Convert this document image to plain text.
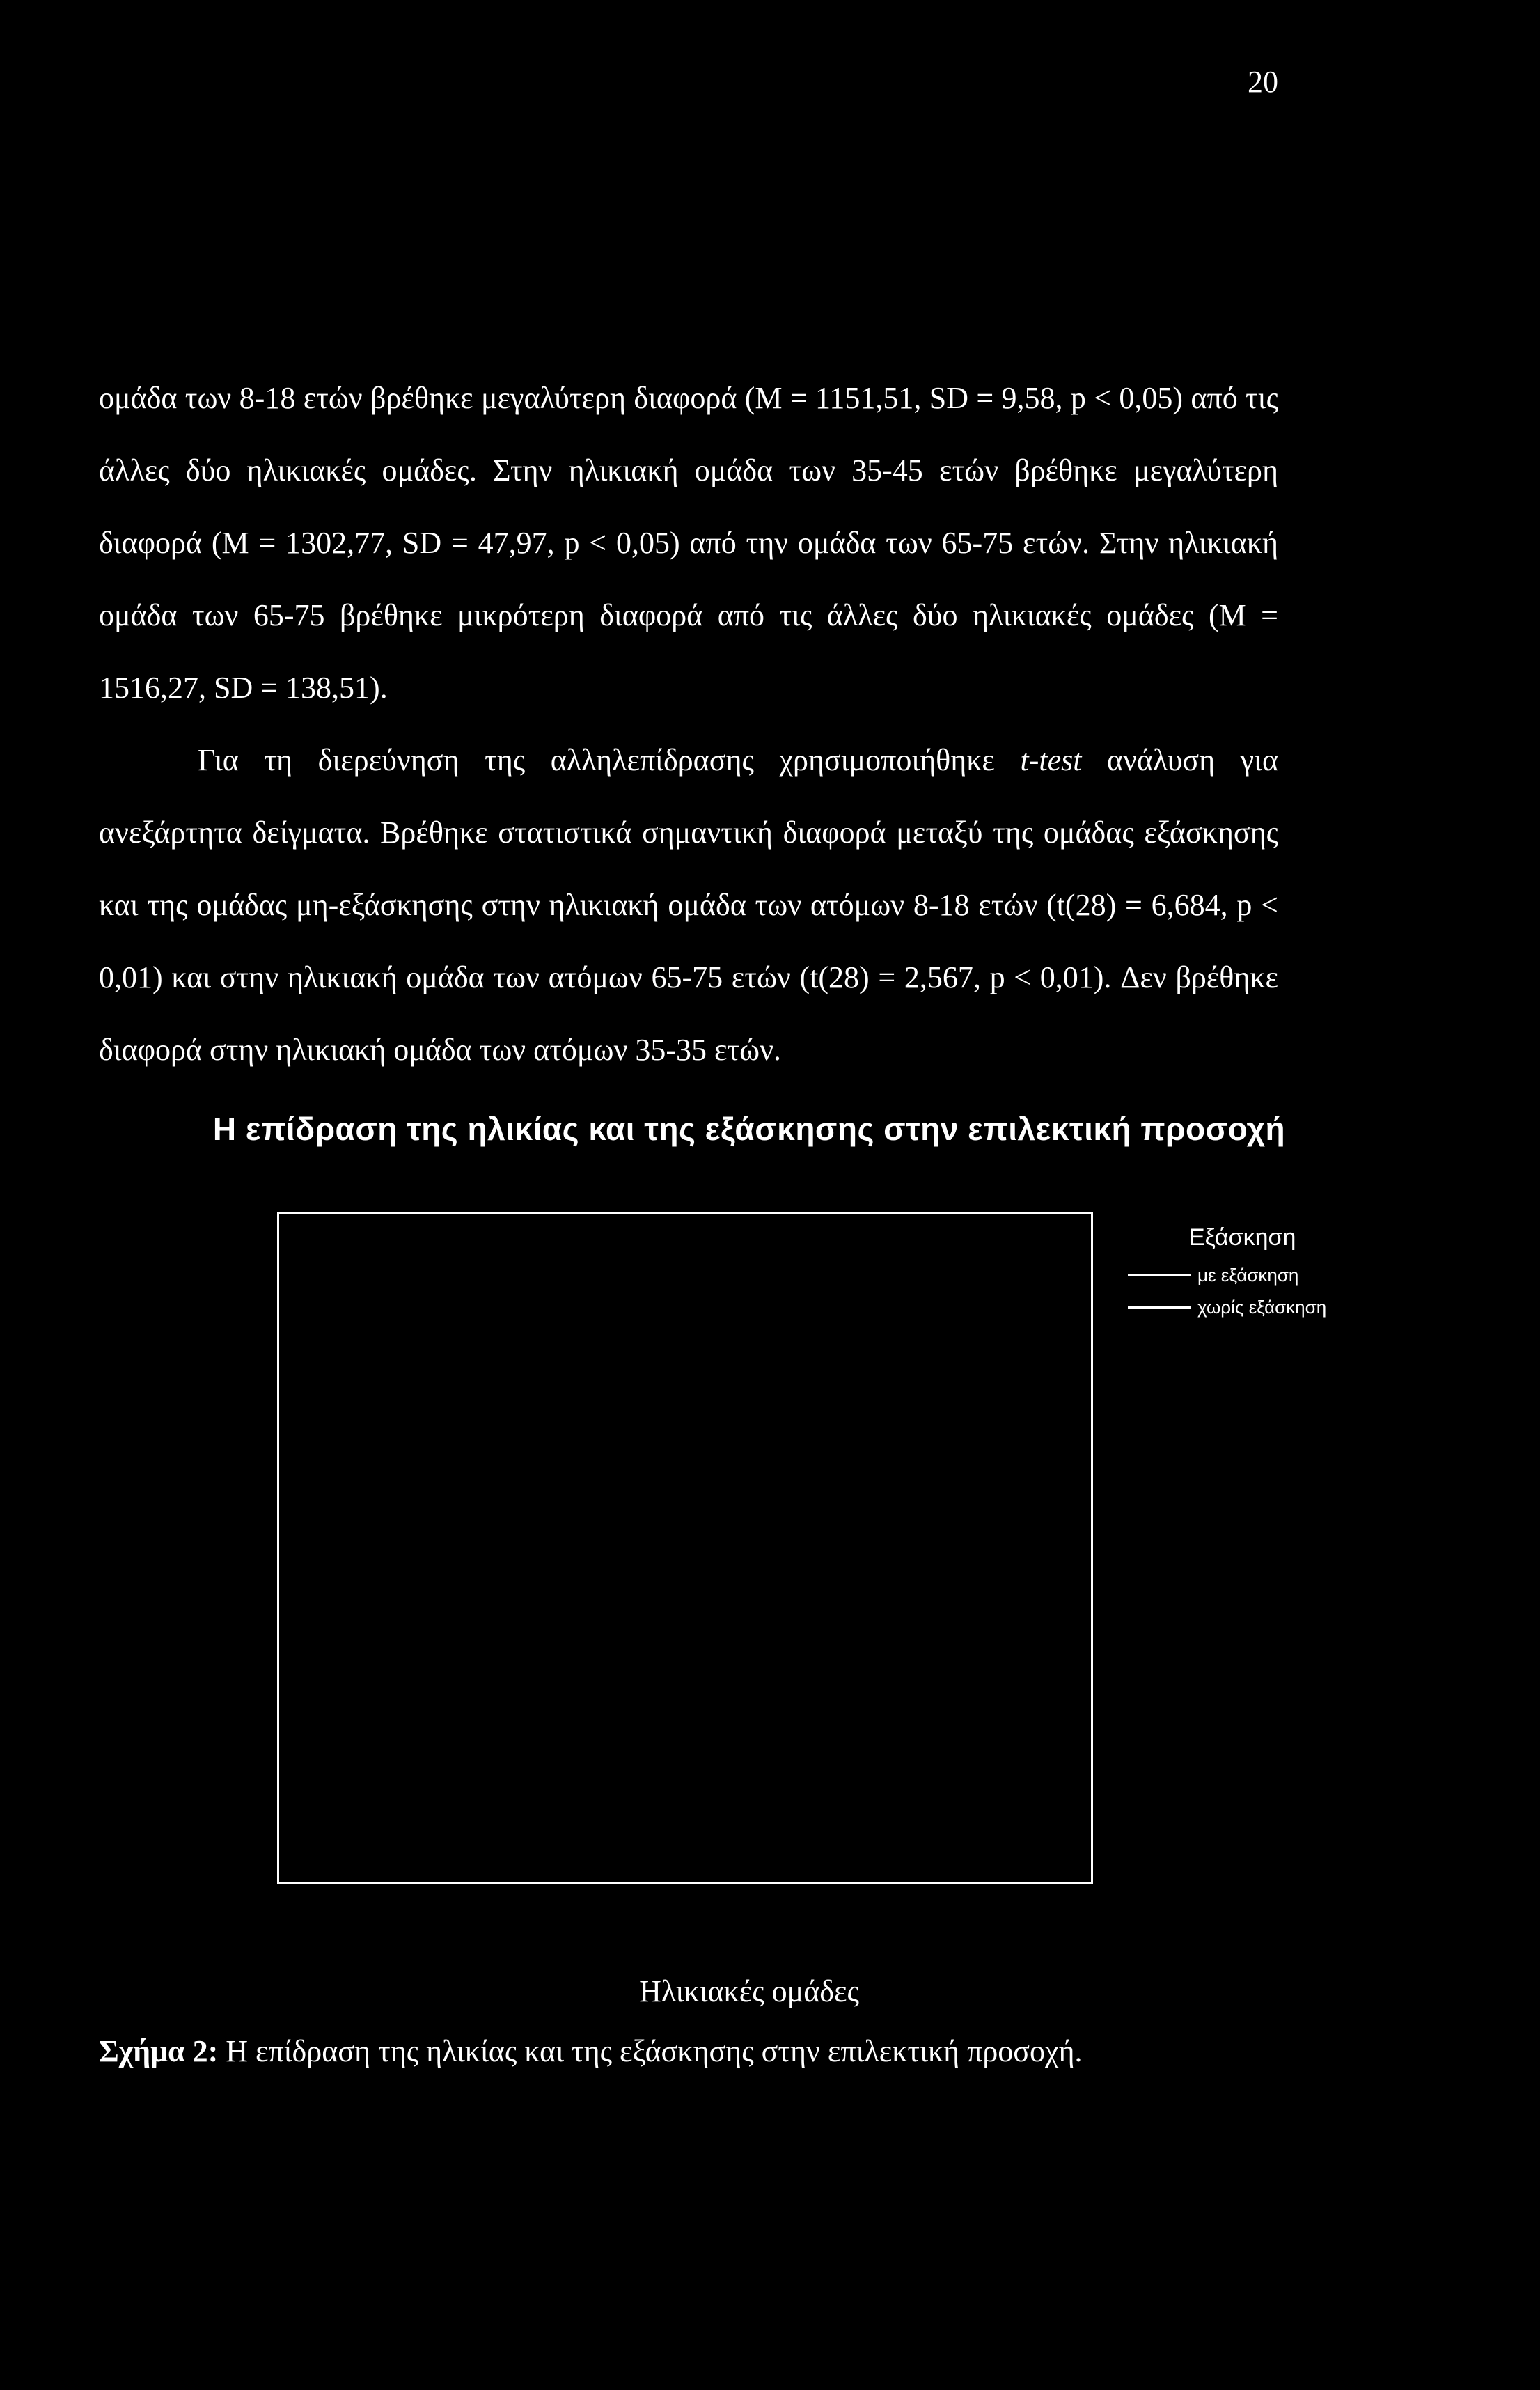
20

ομάδα των 8-18 ετών βρέθηκε μεγαλύτερη διαφορά (Μ = 1151,51, SD = 9,58, p < 0,05) από τις άλλες δύο ηλικιακές ομάδες. Στην ηλικιακή ομάδα των 35-45 ετών βρέθηκε μεγαλύτερη διαφορά (Μ = 1302,77, SD = 47,97, p < 0,05) από την ομάδα των 65-75 ετών. Στην ηλικιακή ομάδα των 65-75 βρέθηκε μικρότερη διαφορά από τις άλλες δύο ηλικιακές ομάδες (Μ = 1516,27, SD = 138,51).

Για τη διερεύνηση της αλληλεπίδρασης χρησιμοποιήθηκε t-test ανάλυση για ανεξάρτητα δείγματα. Βρέθηκε στατιστικά σημαντική διαφορά μεταξύ της ομάδας εξάσκησης και της ομάδας μη-εξάσκησης στην ηλικιακή ομάδα των ατόμων 8-18 ετών (t(28) = 6,684, p < 0,01) και στην ηλικιακή ομάδα των ατόμων 65-75 ετών (t(28) = 2,567, p < 0,01). Δεν βρέθηκε διαφορά στην ηλικιακή ομάδα των ατόμων 35-35 ετών.

Η επίδραση της ηλικίας και της εξάσκησης στην επιλεκτική προσοχή
Εξάσκηση
με εξάσκηση
χωρίς εξάσκηση
Ηλικιακές ομάδες
Σχήμα 2: Η επίδραση της ηλικίας και της εξάσκησης στην επιλεκτική προσοχή.
